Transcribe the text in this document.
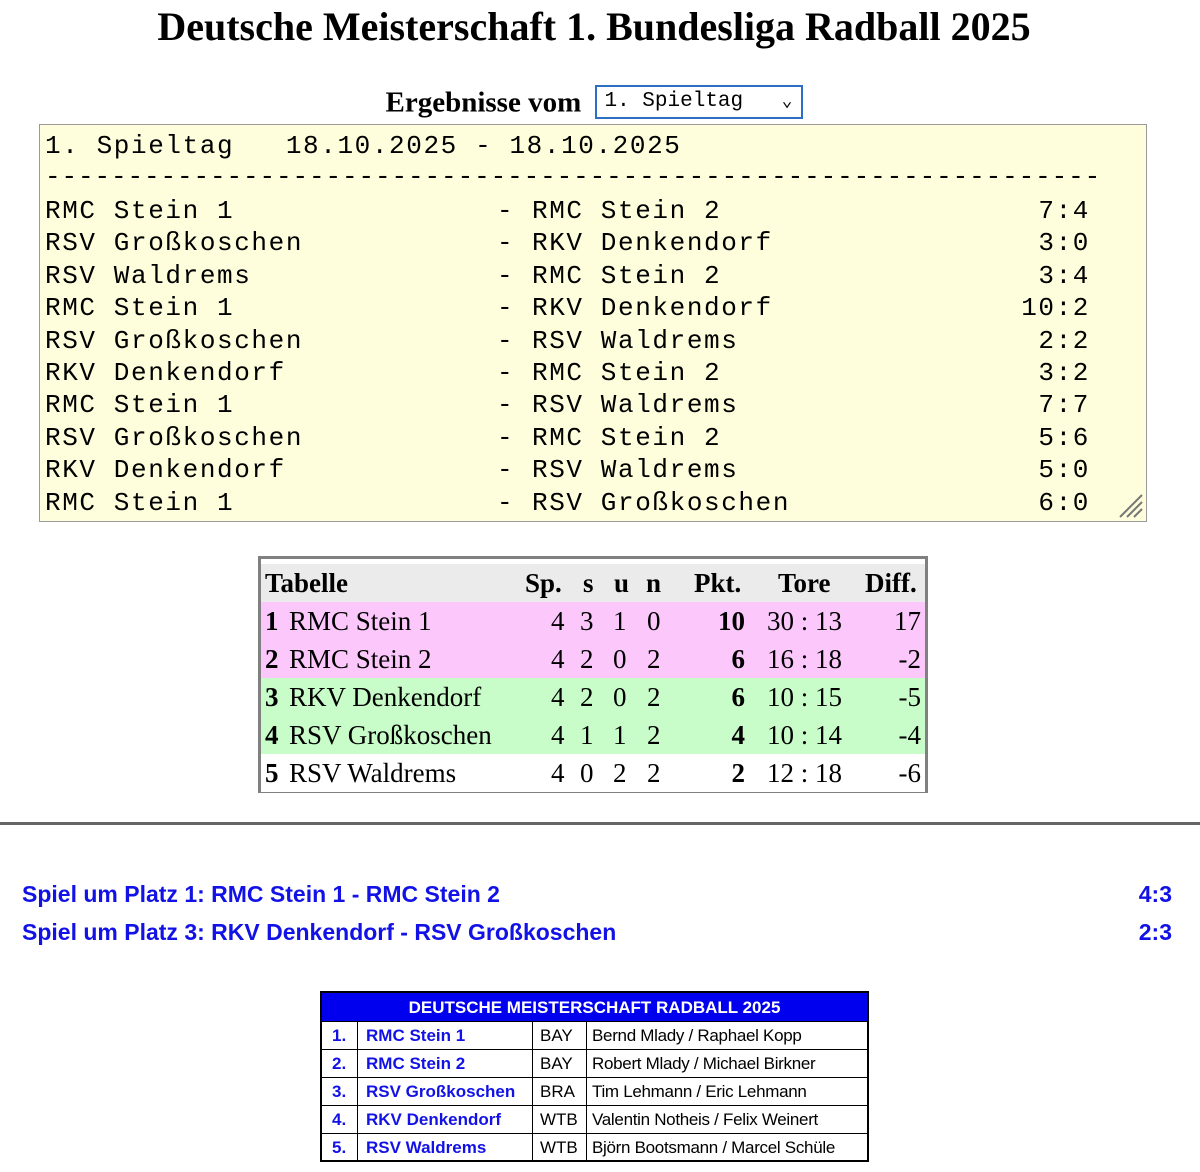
Deutsche Meisterschaft 1. Bundesliga Radball 2025
Ergebnisse vom 1. Spieltag ⌄
1. Spieltag   18.10.2025 - 18.10.2025
----------------------------------------------------------------
RMC Stein 1	- RMC Stein 2	7:4
RSV Großkoschen	- RKV Denkendorf	3:0
RSV Waldrems	- RMC Stein 2	3:4
RMC Stein 1	- RKV Denkendorf	10:2
RSV Großkoschen	- RSV Waldrems	2:2
RKV Denkendorf	- RMC Stein 2	3:2
RMC Stein 1	- RSV Waldrems	7:7
RSV Großkoschen	- RMC Stein 2	5:6
RKV Denkendorf	- RSV Waldrems	5:0
RMC Stein 1	- RSV Großkoschen	6:0
Tabelle	Sp. s u n Pkt. Tore Diff.
1 RMC Stein 1	4 3 1 0 10 30 : 13 17
2 RMC Stein 2	4 2 0 2	6 16 : 18 -2
3 RKV Denkendorf	4 2 0 2	6 10 : 15 -5
4 RSV Großkoschen 4 1 1 2	4 10 : 14 -4
5 RSV Waldrems	4 0 2 2	2 12 : 18 -6
Spiel um Platz 1: RMC Stein 1 - RMC Stein 2	4:3
Spiel um Platz 3: RKV Denkendorf - RSV Großkoschen	2:3
DEUTSCHE MEISTERSCHAFT RADBALL 2025
1. RMC Stein 1	BAY Bernd Mlady / Raphael Kopp
2. RMC Stein 2	BAY Robert Mlady / Michael Birkner
3. RSV Großkoschen BRA Tim Lehmann / Eric Lehmann
4. RKV Denkendorf WTB Valentin Notheis / Felix Weinert
5. RSV Waldrems	WTB Björn Bootsmann / Marcel Schüle
